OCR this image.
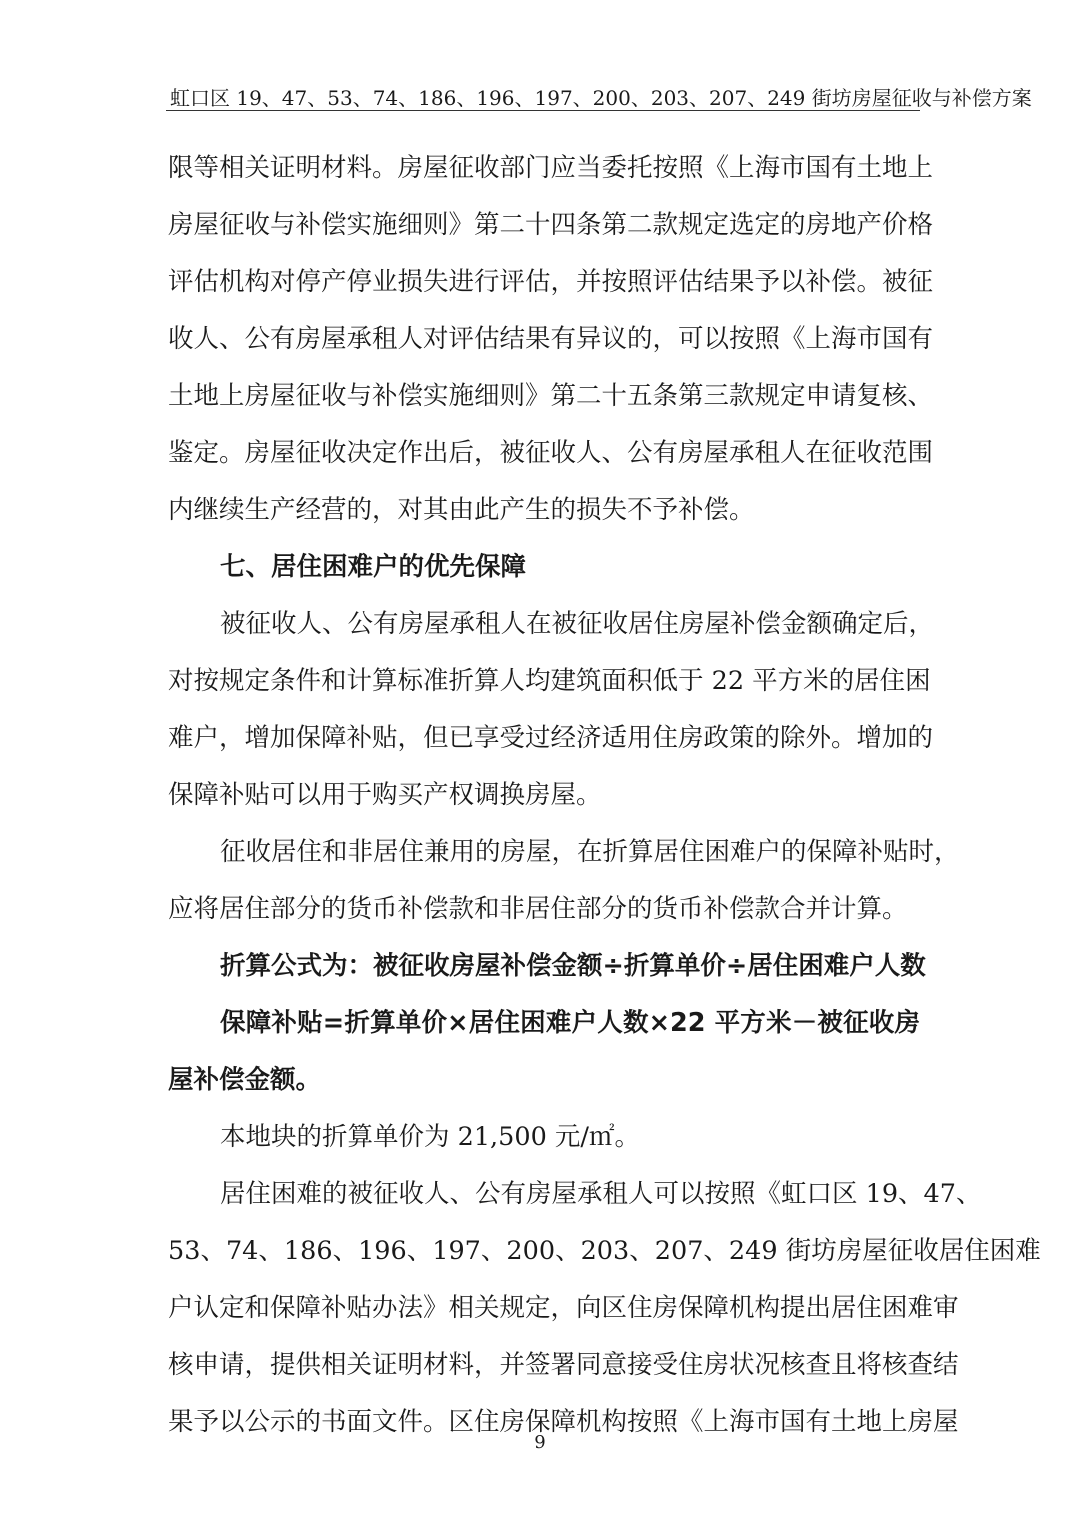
虹口区 19、47、53、74、186、196、197、200、203、207、249 街坊房屋征收与补偿方案
限等相关证明材料。房屋征收部门应当委托按照《上海市国有土地上
房屋征收与补偿实施细则》第二十四条第二款规定选定的房地产价格
评估机构对停产停业损失进行评估，并按照评估结果予以补偿。被征
收人、公有房屋承租人对评估结果有异议的，可以按照《上海市国有
土地上房屋征收与补偿实施细则》第二十五条第三款规定申请复核、
鉴定。房屋征收决定作出后，被征收人、公有房屋承租人在征收范围
内继续生产经营的，对其由此产生的损失不予补偿。
七、居住困难户的优先保障
被征收人、公有房屋承租人在被征收居住房屋补偿金额确定后，
对按规定条件和计算标准折算人均建筑面积低于 22 平方米的居住困
难户，增加保障补贴，但已享受过经济适用住房政策的除外。增加的
保障补贴可以用于购买产权调换房屋。
征收居住和非居住兼用的房屋，在折算居住困难户的保障补贴时，
应将居住部分的货币补偿款和非居住部分的货币补偿款合并计算。
折算公式为：被征收房屋补偿金额÷折算单价÷居住困难户人数
保障补贴=折算单价×居住困难户人数×22 平方米－被征收房
屋补偿金额。
本地块的折算单价为 21,500 元/㎡。
居住困难的被征收人、公有房屋承租人可以按照《虹口区 19、47、
53、74、186、196、197、200、203、207、249 街坊房屋征收居住困难
户认定和保障补贴办法》相关规定，向区住房保障机构提出居住困难审
核申请，提供相关证明材料，并签署同意接受住房状况核查且将核查结
果予以公示的书面文件。区住房保障机构按照《上海市国有土地上房屋
9
